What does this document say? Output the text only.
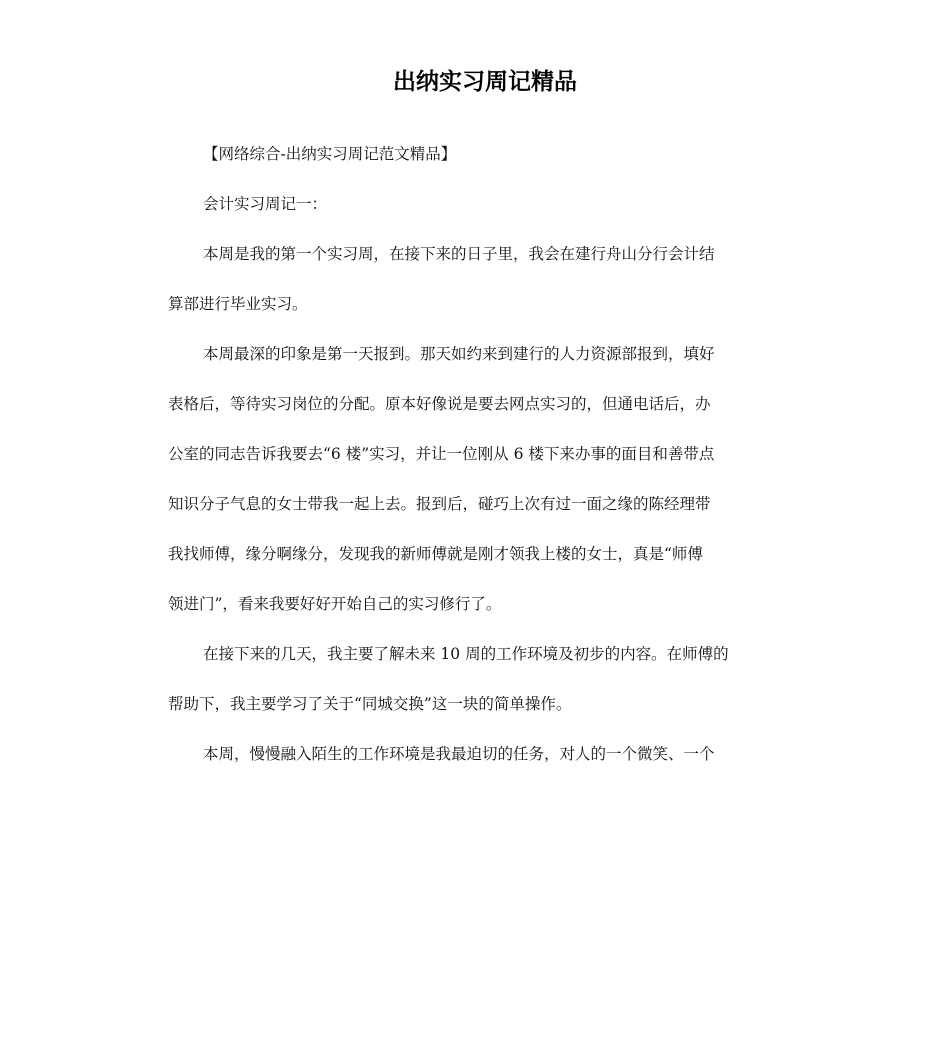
出纳实习周记精品
【网络综合-出纳实习周记范文精品】
会计实习周记一：
本周是我的第一个实习周，在接下来的日子里，我会在建行舟山分行会计结
算部进行毕业实习。
本周最深的印象是第一天报到。那天如约来到建行的人力资源部报到，填好
表格后，等待实习岗位的分配。原本好像说是要去网点实习的，但通电话后，办
公室的同志告诉我要去“6 楼”实习，并让一位刚从 6 楼下来办事的面目和善带点
知识分子气息的女士带我一起上去。报到后，碰巧上次有过一面之缘的陈经理带
我找师傅，缘分啊缘分，发现我的新师傅就是刚才领我上楼的女士，真是“师傅
领进门”，看来我要好好开始自己的实习修行了。
在接下来的几天，我主要了解未来 10 周的工作环境及初步的内容。在师傅的
帮助下，我主要学习了关于“同城交换”这一块的简单操作。
本周，慢慢融入陌生的工作环境是我最迫切的任务，对人的一个微笑、一个
